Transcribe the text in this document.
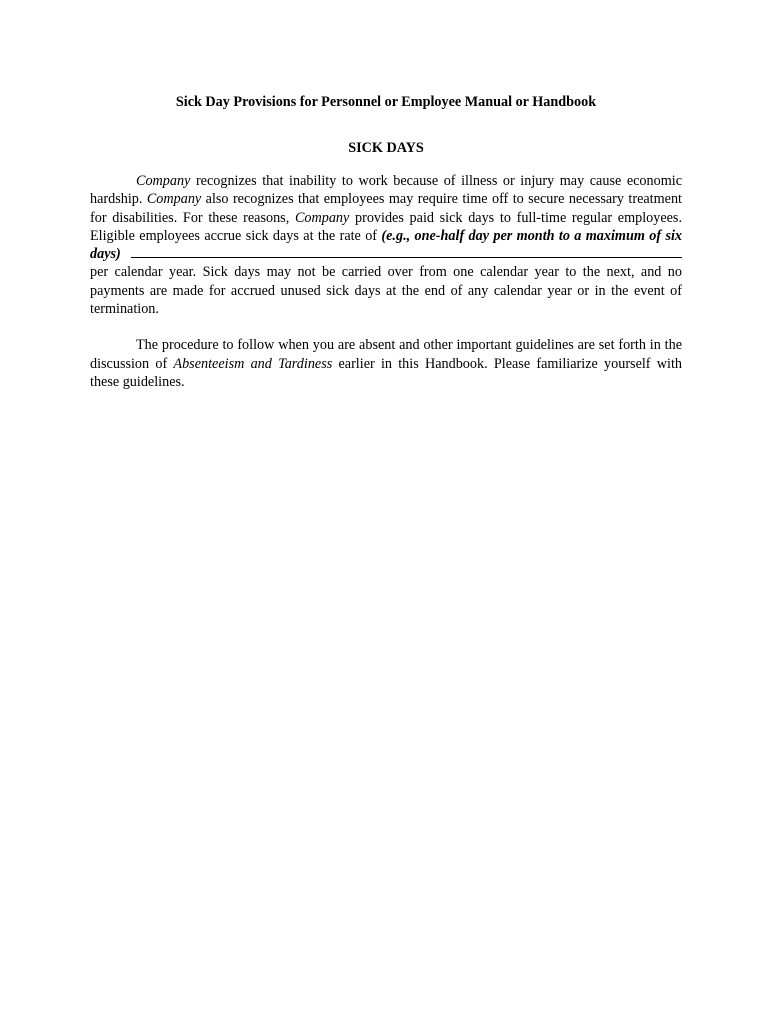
Sick Day Provisions for Personnel or Employee Manual or Handbook

SICK DAYS

Company recognizes that inability to work because of illness or injury may cause economic hardship. Company also recognizes that employees may require time off to secure necessary treatment for disabilities. For these reasons, Company provides paid sick days to full-time regular employees. Eligible employees accrue sick days at the rate of (e.g., one-half day per month to a maximum of six days)   per calendar year. Sick days may not be carried over from one calendar year to the next, and no payments are made for accrued unused sick days at the end of any calendar year or in the event of termination.

The procedure to follow when you are absent and other important guidelines are set forth in the discussion of Absenteeism and Tardiness earlier in this Handbook. Please familiarize yourself with these guidelines.
